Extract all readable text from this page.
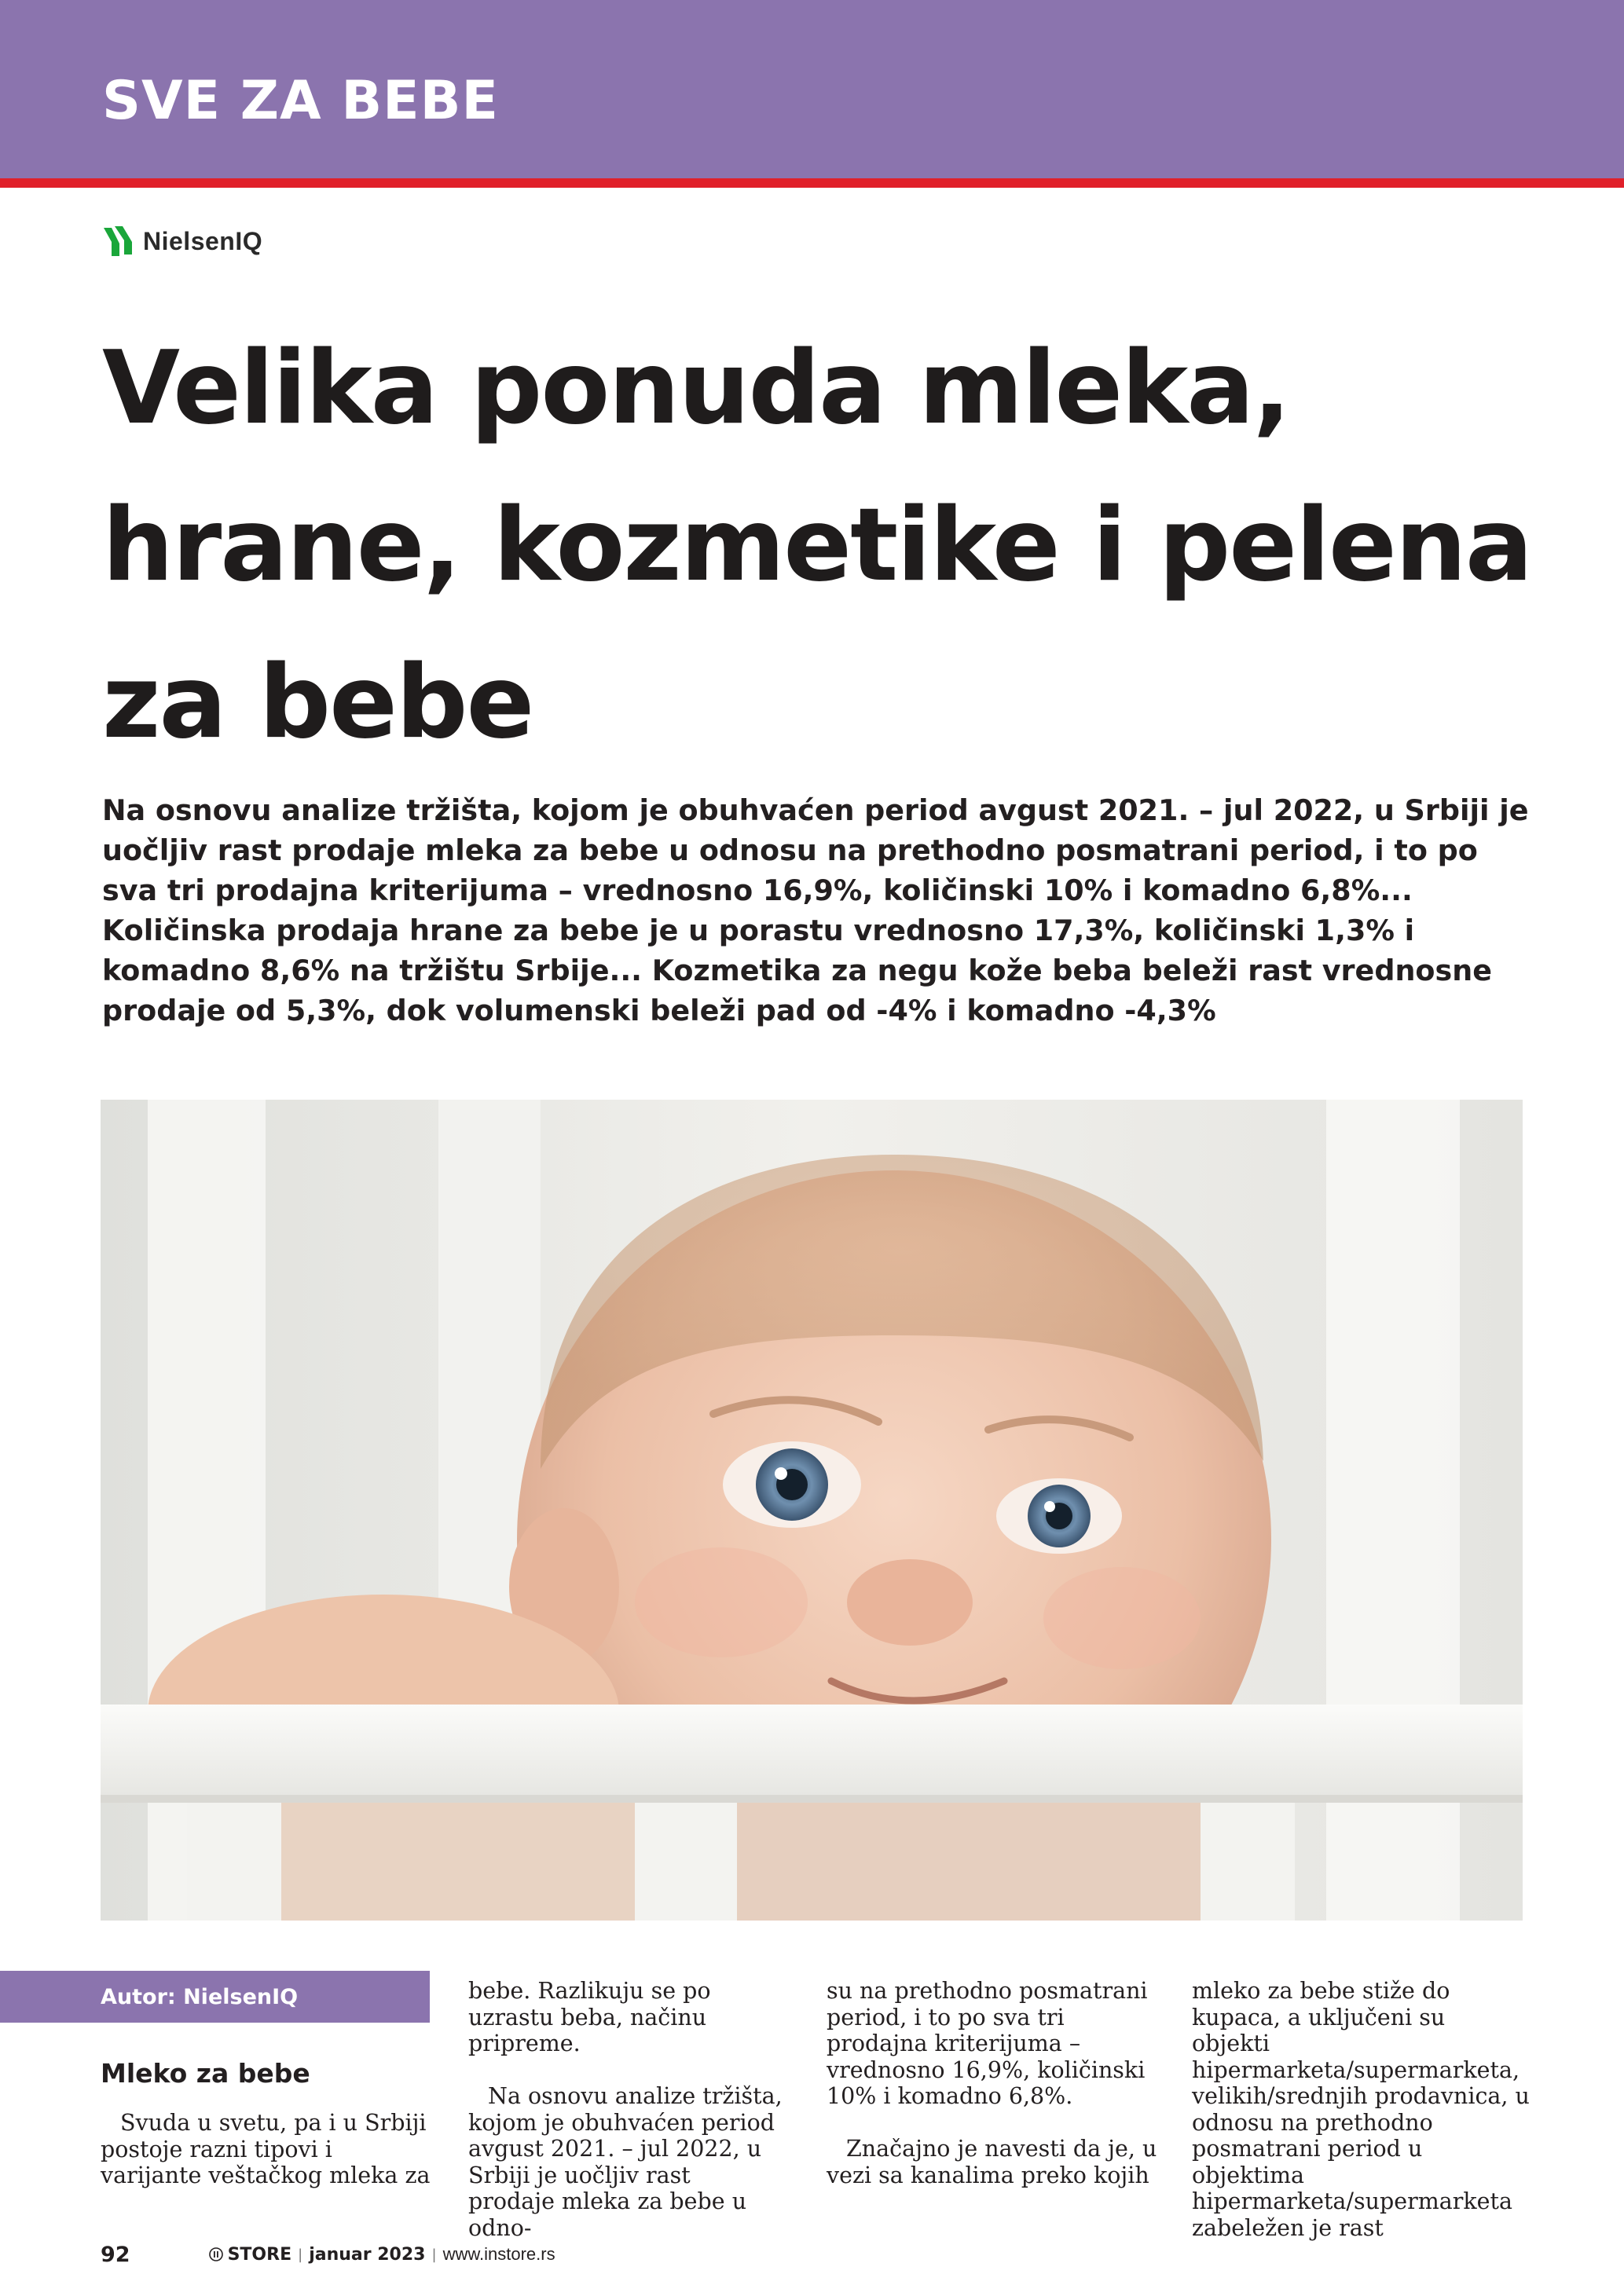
SVE ZA BEBE
NielsenIQ
Velika ponuda mleka, hrane, kozmetike i pelena za bebe

Na osnovu analize tržišta, kojom je obuhvaćen period avgust 2021. – jul 2022, u Srbiji je uočljiv rast prodaje mleka za bebe u odnosu na prethodno posmatrani period, i to po sva tri prodajna kriterijuma – vrednosno 16,9%, količinski 10% i komadno 6,8%... Količinska prodaja hrane za bebe je u porastu vrednosno 17,3%, količinski 1,3% i komadno 8,6% na tržištu Srbije... Kozmetika za negu kože beba beleži rast vrednosne prodaje od 5,3%, dok volumenski beleži pad od -4% i komadno -4,3%

Autor: NielsenIQ
Mleko za bebe

Svuda u svetu, pa i u Srbiji postoje razni tipovi i varijante veštačkog mleka za

bebe. Razlikuju se po uzrastu beba, načinu pripreme.

Na osnovu analize tržišta, kojom je obuhvaćen period avgust 2021. – jul 2022, u Srbiji je uočljiv rast prodaje mleka za bebe u odno-

su na prethodno posmatrani period, i to po sva tri prodajna kriterijuma – vrednosno 16,9%, količinski 10% i komadno 6,8%.

Značajno je navesti da je, u vezi sa kanalima preko kojih

mleko za bebe stiže do kupaca, a uključeni su objekti hipermarketa/supermarketa, velikih/srednjih prodavnica, u odnosu na prethodno posmatrani period u objektima hipermarketa/supermarketa zabeležen je rast

92	STORE | januar 2023 | www.instore.rs
